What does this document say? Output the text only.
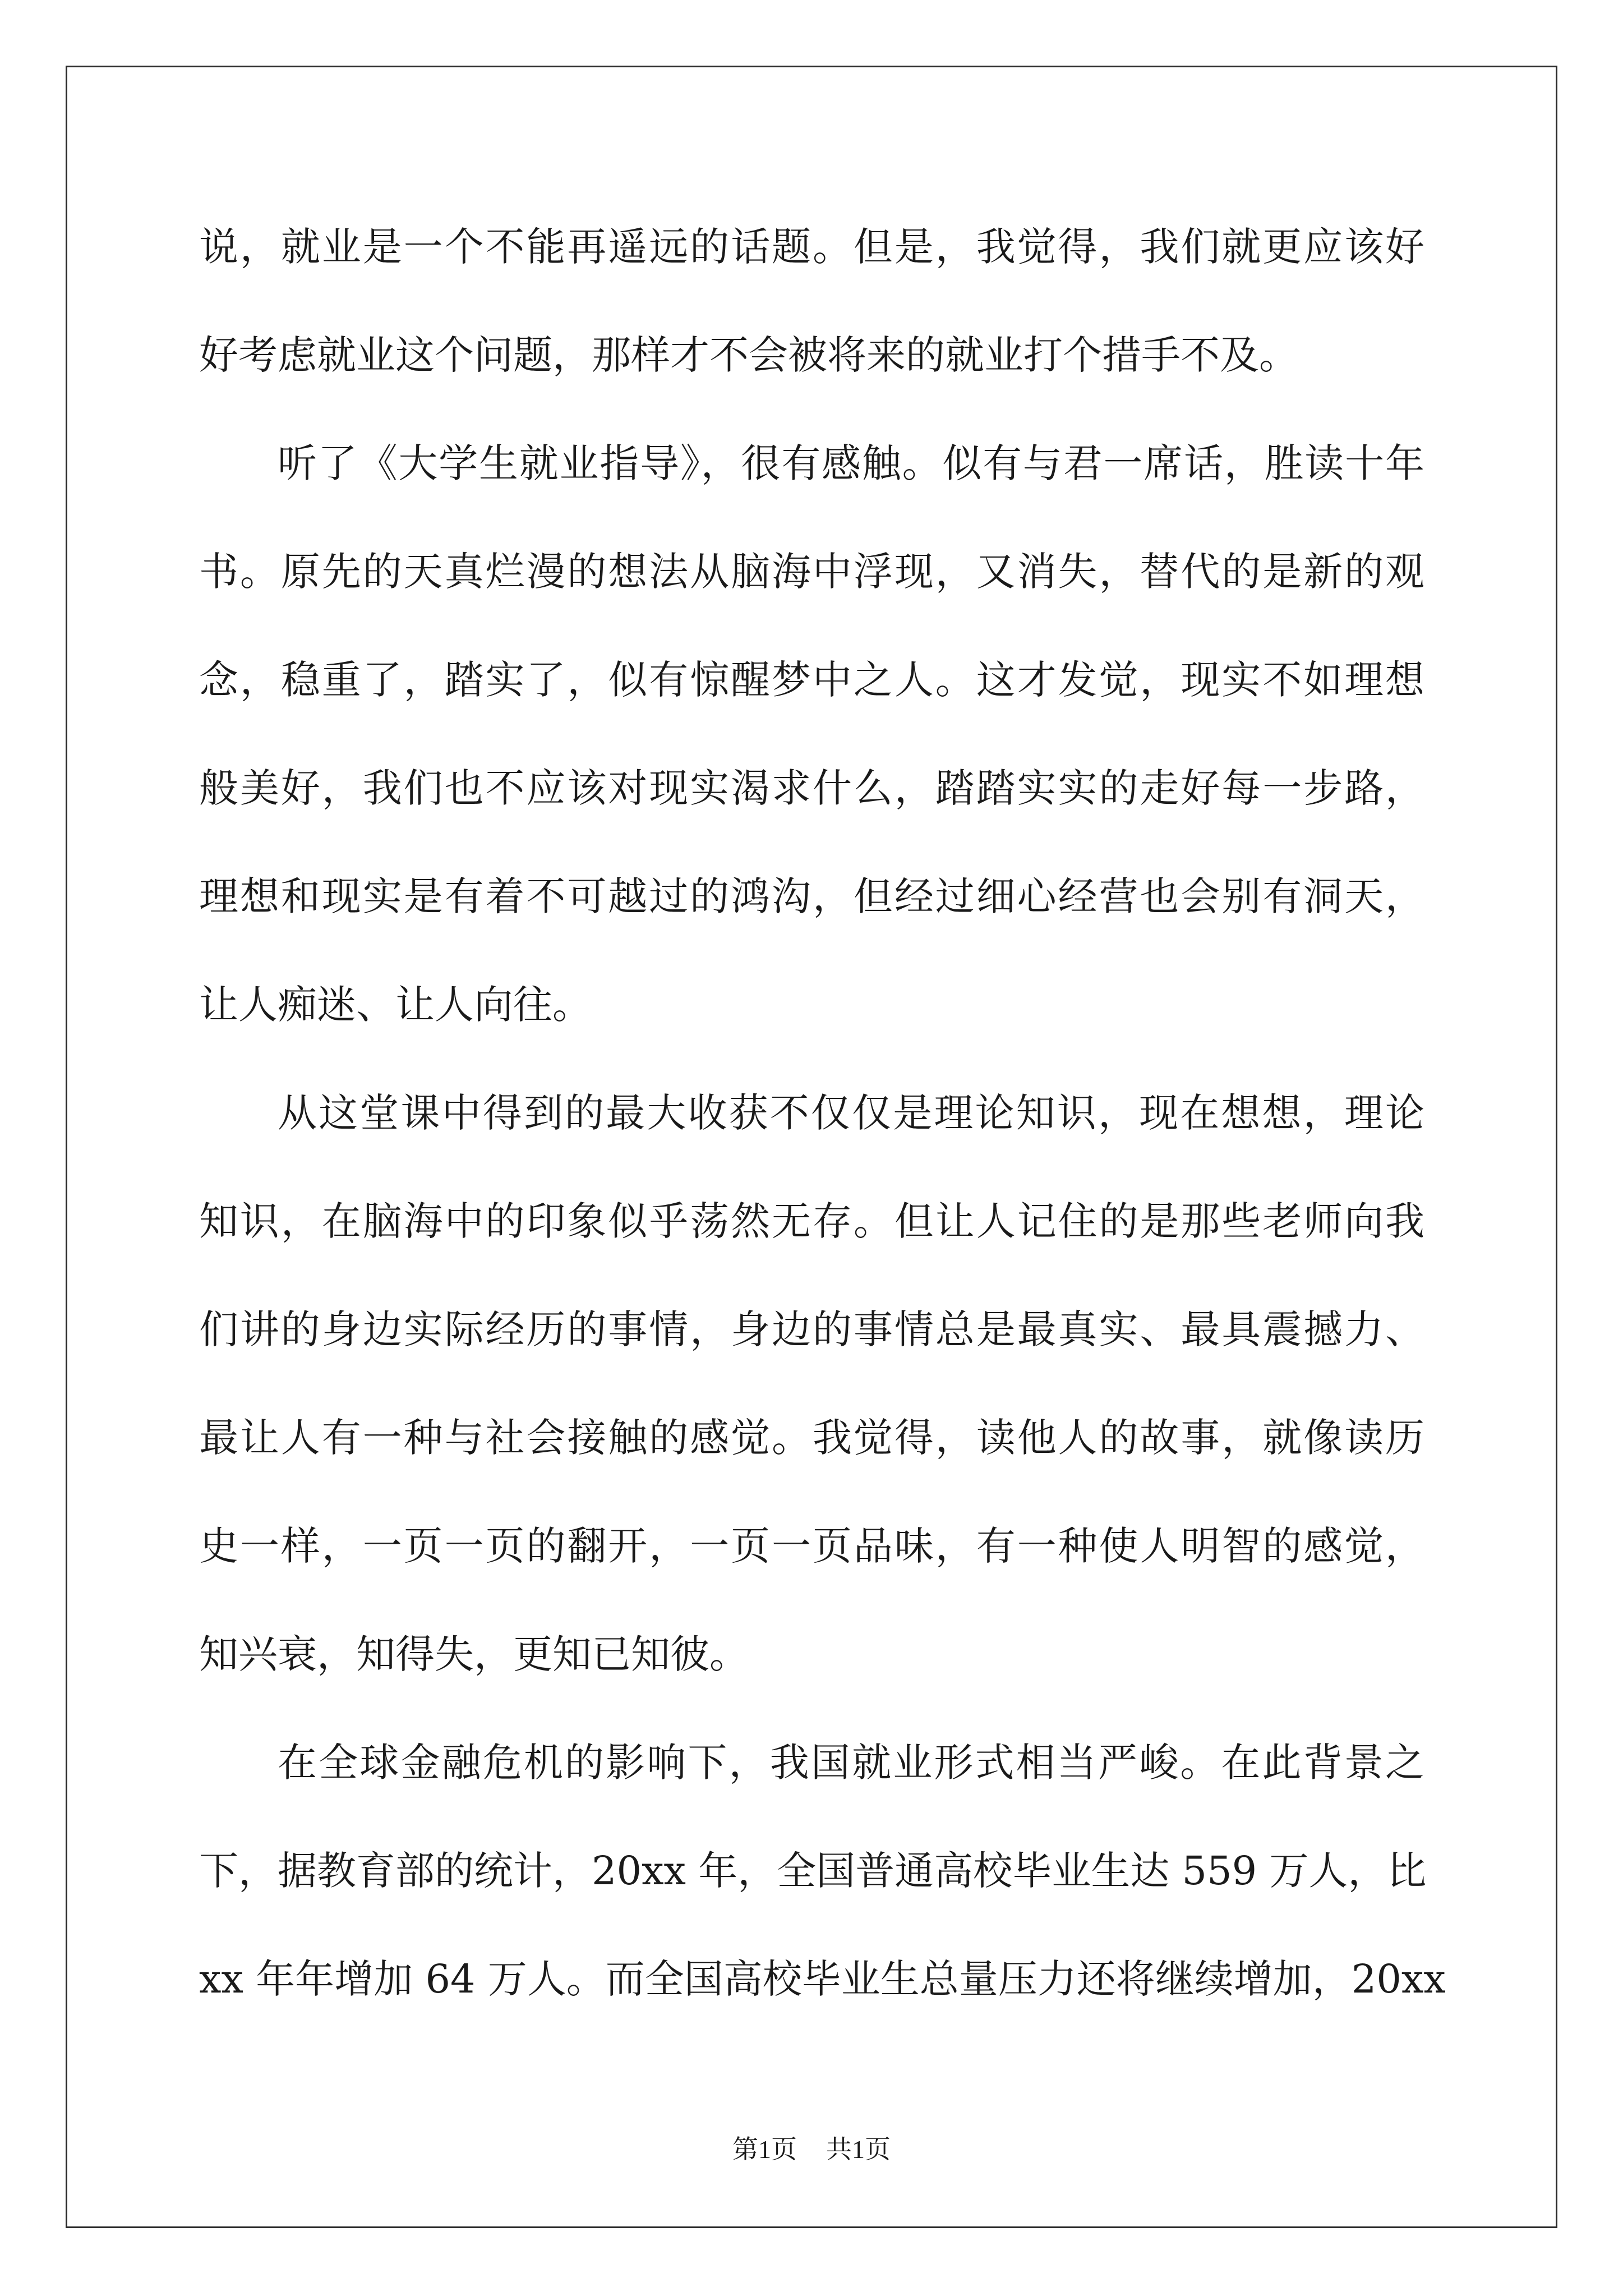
说，就业是一个不能再遥远的话题。但是，我觉得，我们就更应该好
好考虑就业这个问题，那样才不会被将来的就业打个措手不及。
听了《大学生就业指导》，很有感触。似有与君一席话，胜读十年
书。原先的天真烂漫的想法从脑海中浮现，又消失，替代的是新的观
念，稳重了，踏实了，似有惊醒梦中之人。这才发觉，现实不如理想
般美好，我们也不应该对现实渴求什么，踏踏实实的走好每一步路，
理想和现实是有着不可越过的鸿沟，但经过细心经营也会别有洞天，
让人痴迷、让人向往。
从这堂课中得到的最大收获不仅仅是理论知识，现在想想，理论
知识，在脑海中的印象似乎荡然无存。但让人记住的是那些老师向我
们讲的身边实际经历的事情，身边的事情总是最真实、最具震撼力、
最让人有一种与社会接触的感觉。我觉得，读他人的故事，就像读历
史一样，一页一页的翻开，一页一页品味，有一种使人明智的感觉，
知兴衰，知得失，更知已知彼。
在全球金融危机的影响下，我国就业形式相当严峻。在此背景之
下，据教育部的统计，20xx 年，全国普通高校毕业生达 559 万人，比
xx 年年增加 64 万人。而全国高校毕业生总量压力还将继续增加，20xx
第1页 共1页
